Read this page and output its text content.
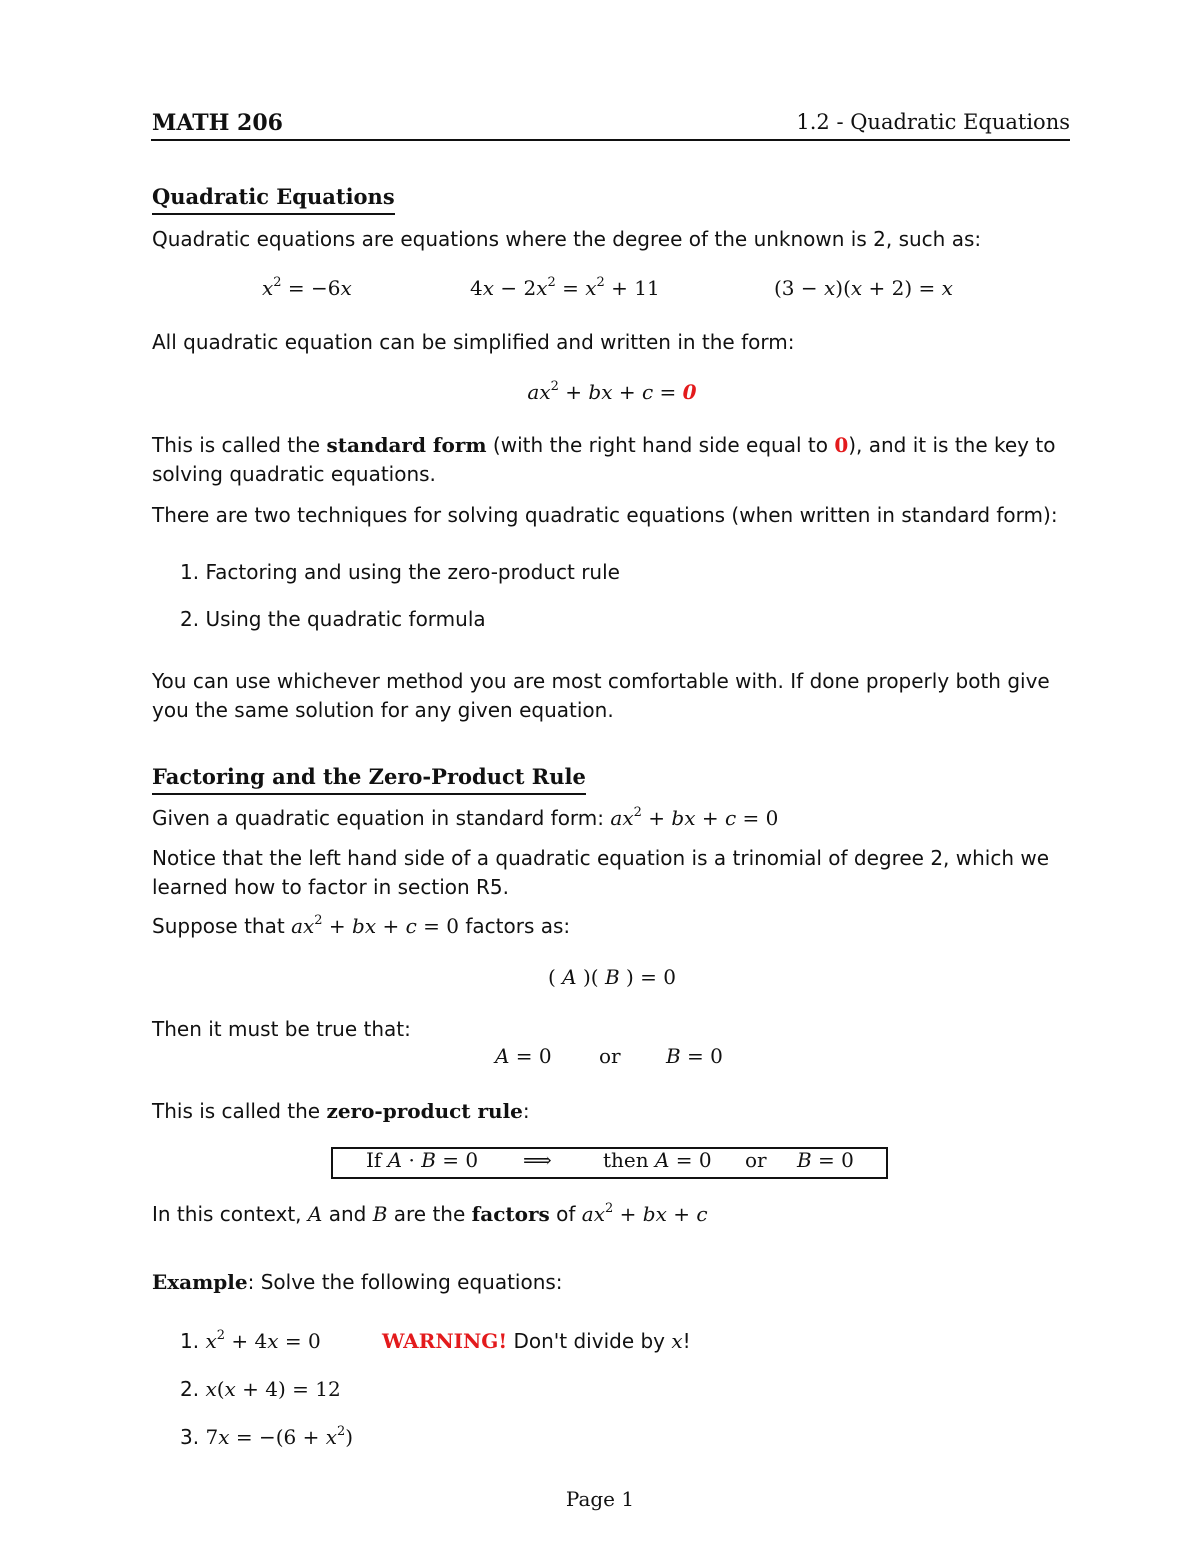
MATH 206	1.2 - Quadratic Equations
Quadratic Equations
Quadratic equations are equations where the degree of the unknown is 2, such as:
$x^2 = -6x$	$4x - 2x^2 = x^2 + 11$	(3 − x)(x + 2) = x
All quadratic equation can be simplified and written in the form:
$ax^2$ + bx + c = 0
This is called the standard form (with the right hand side equal to 0), and it is the key to solving quadratic equations.
There are two techniques for solving quadratic equations (when written in standard form):
1. Factoring and using the zero-product rule
2. Using the quadratic formula
You can use whichever method you are most comfortable with. If done properly both give you the same solution for any given equation.
Factoring and the Zero-Product Rule
Given a quadratic equation in standard form: $ax^2$ + bx + c = 0
Notice that the left hand side of a quadratic equation is a trinomial of degree 2, which we learned how to factor in section R5.
Suppose that $ax^2$ + bx + c = 0 factors as:
( A )( B ) = 0
Then it must be true that:
A = 0 or B = 0
This is called the zero-product rule:
If A · B = 0 ⟹	then A = 0 or B = 0
In this context, A and B are the factors of $ax^2$ + bx + c
Example: Solve the following equations:
1. $x^2 + 4x = 0$	WARNING! Don't divide by x!
2. x(x + 4) = 12
3. $7x = -(6 + x^2)$
Page 1
